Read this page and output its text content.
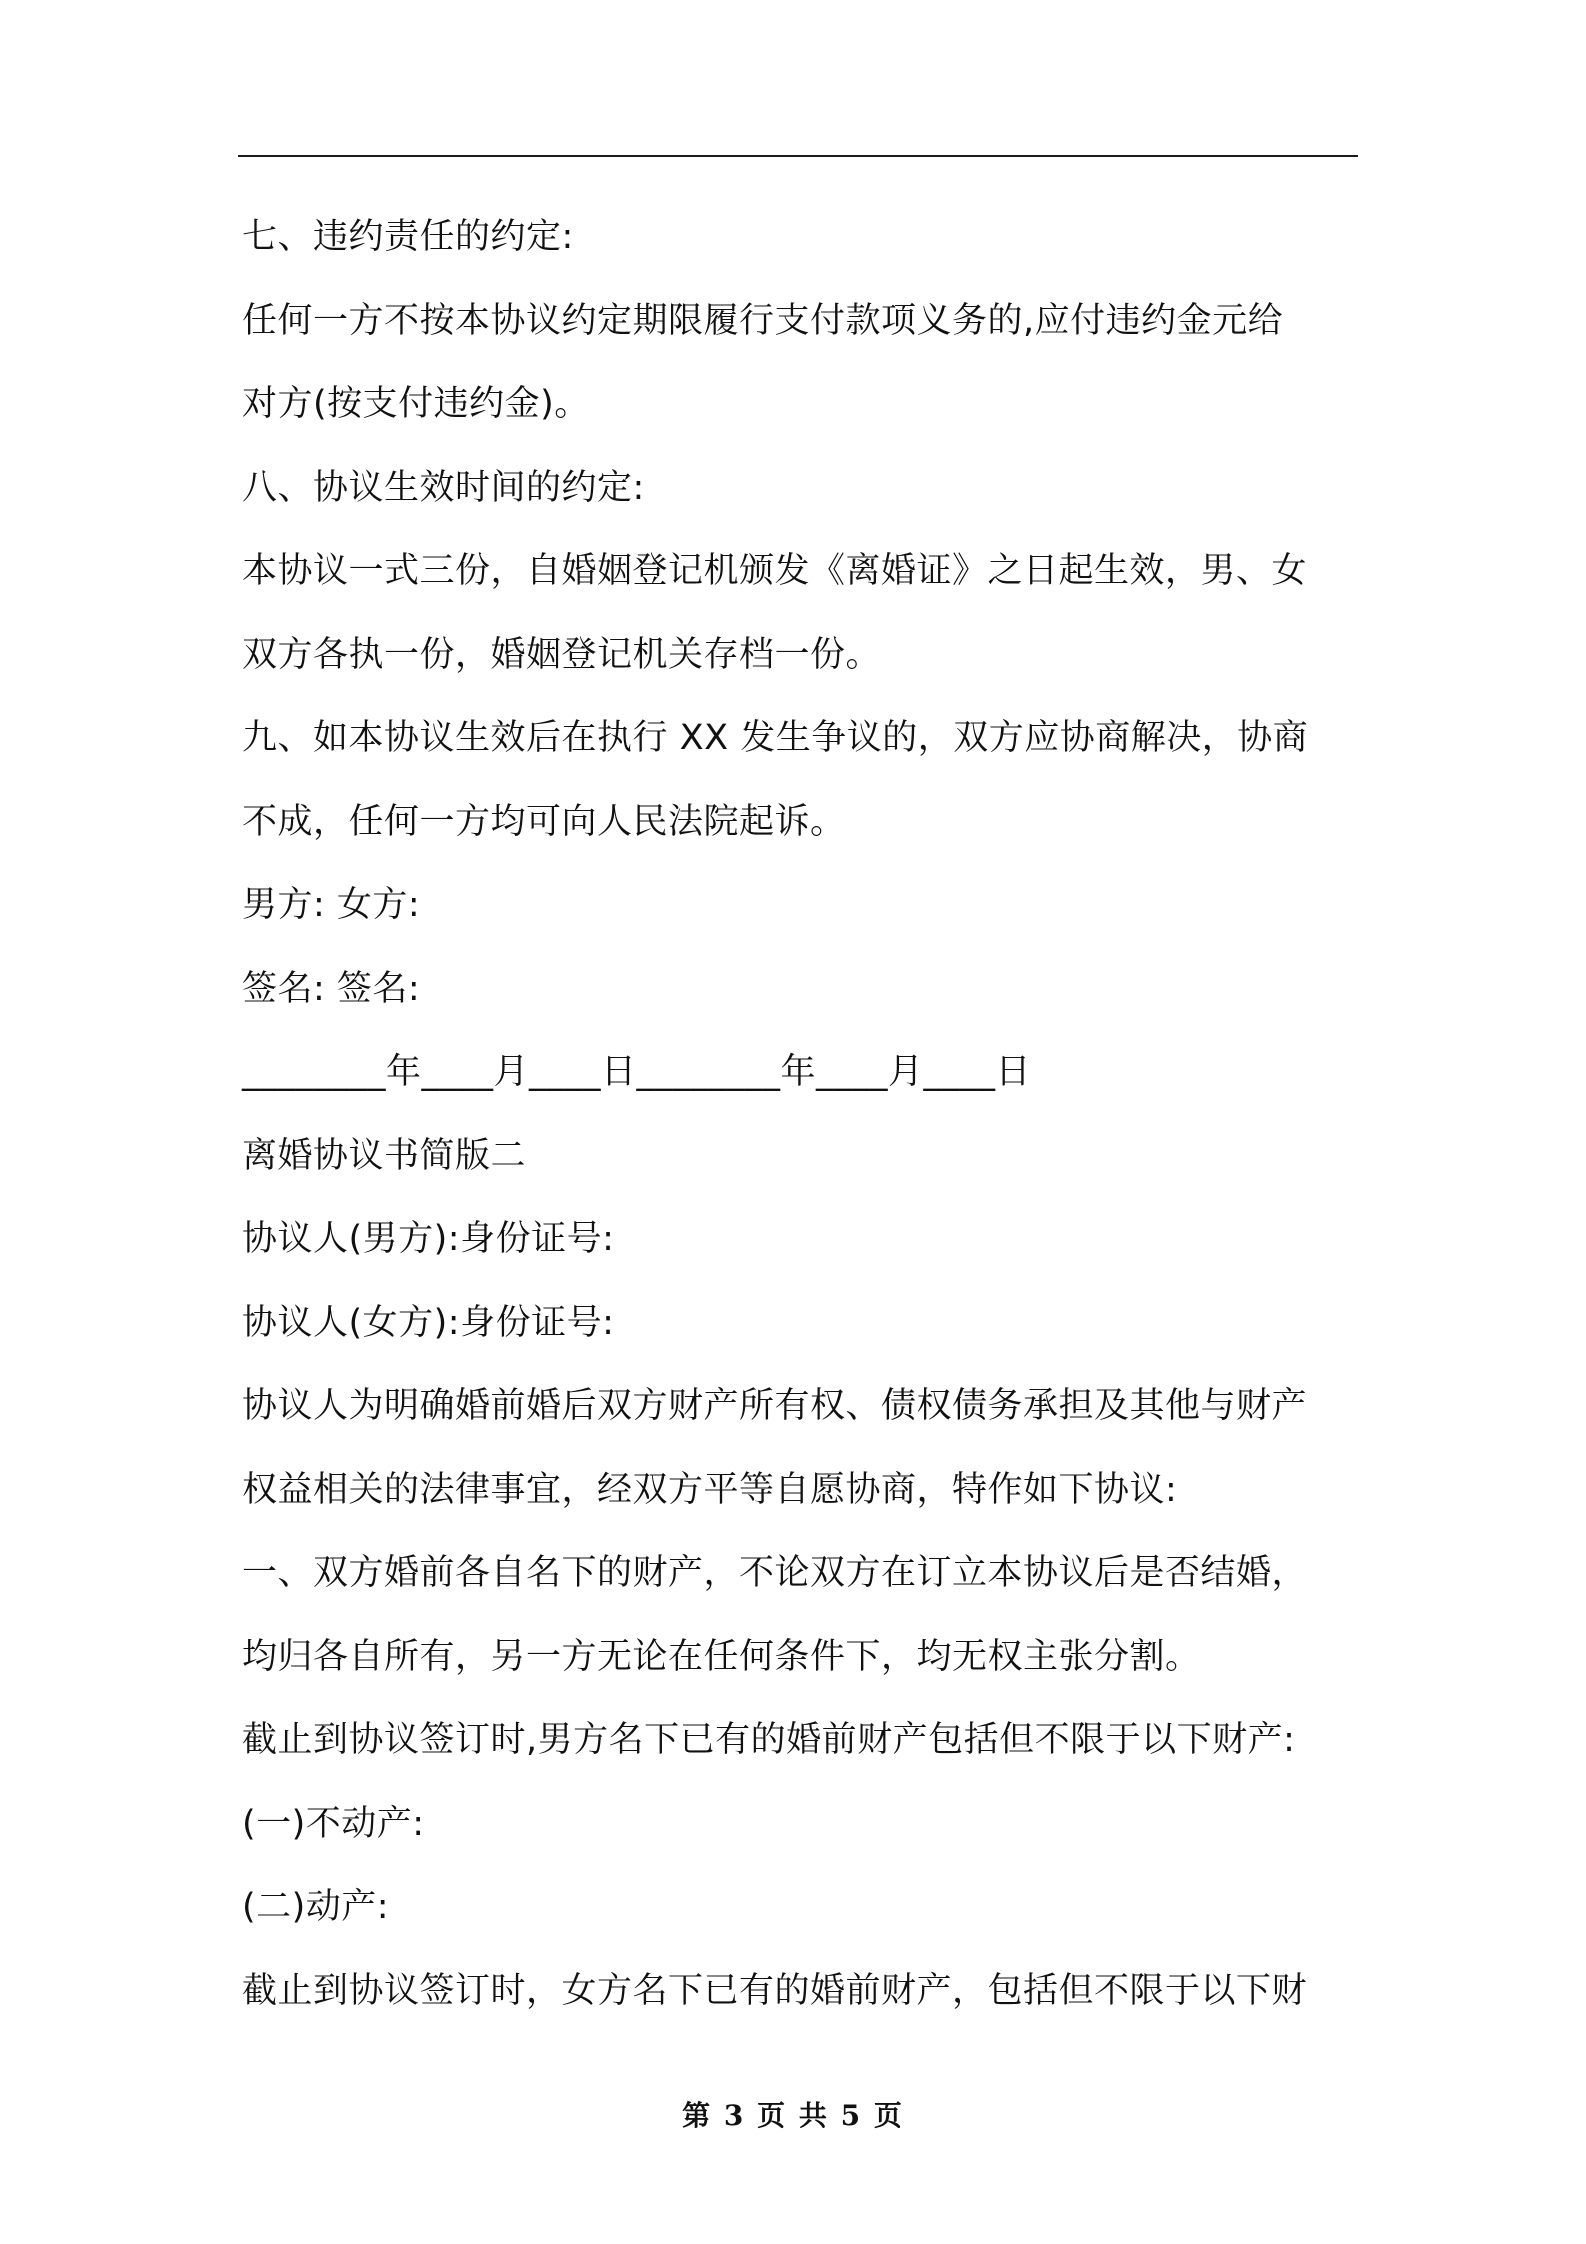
七、违约责任的约定:
任何一方不按本协议约定期限履行支付款项义务的,应付违约金元给
对方(按支付违约金)。
八、协议生效时间的约定:
本协议一式三份，自婚姻登记机颁发《离婚证》之日起生效，男、女
双方各执一份，婚姻登记机关存档一份。
九、如本协议生效后在执行 XX 发生争议的，双方应协商解决，协商
不成，任何一方均可向人民法院起诉。
男方: 女方:
签名: 签名:
________年____月____日________年____月____日
离婚协议书简版二
协议人(男方):身份证号:
协议人(女方):身份证号:
协议人为明确婚前婚后双方财产所有权、债权债务承担及其他与财产
权益相关的法律事宜，经双方平等自愿协商，特作如下协议:
一、双方婚前各自名下的财产，不论双方在订立本协议后是否结婚，
均归各自所有，另一方无论在任何条件下，均无权主张分割。
截止到协议签订时,男方名下已有的婚前财产包括但不限于以下财产:
(一)不动产:
(二)动产:
截止到协议签订时，女方名下已有的婚前财产，包括但不限于以下财
第 3 页 共 5 页
